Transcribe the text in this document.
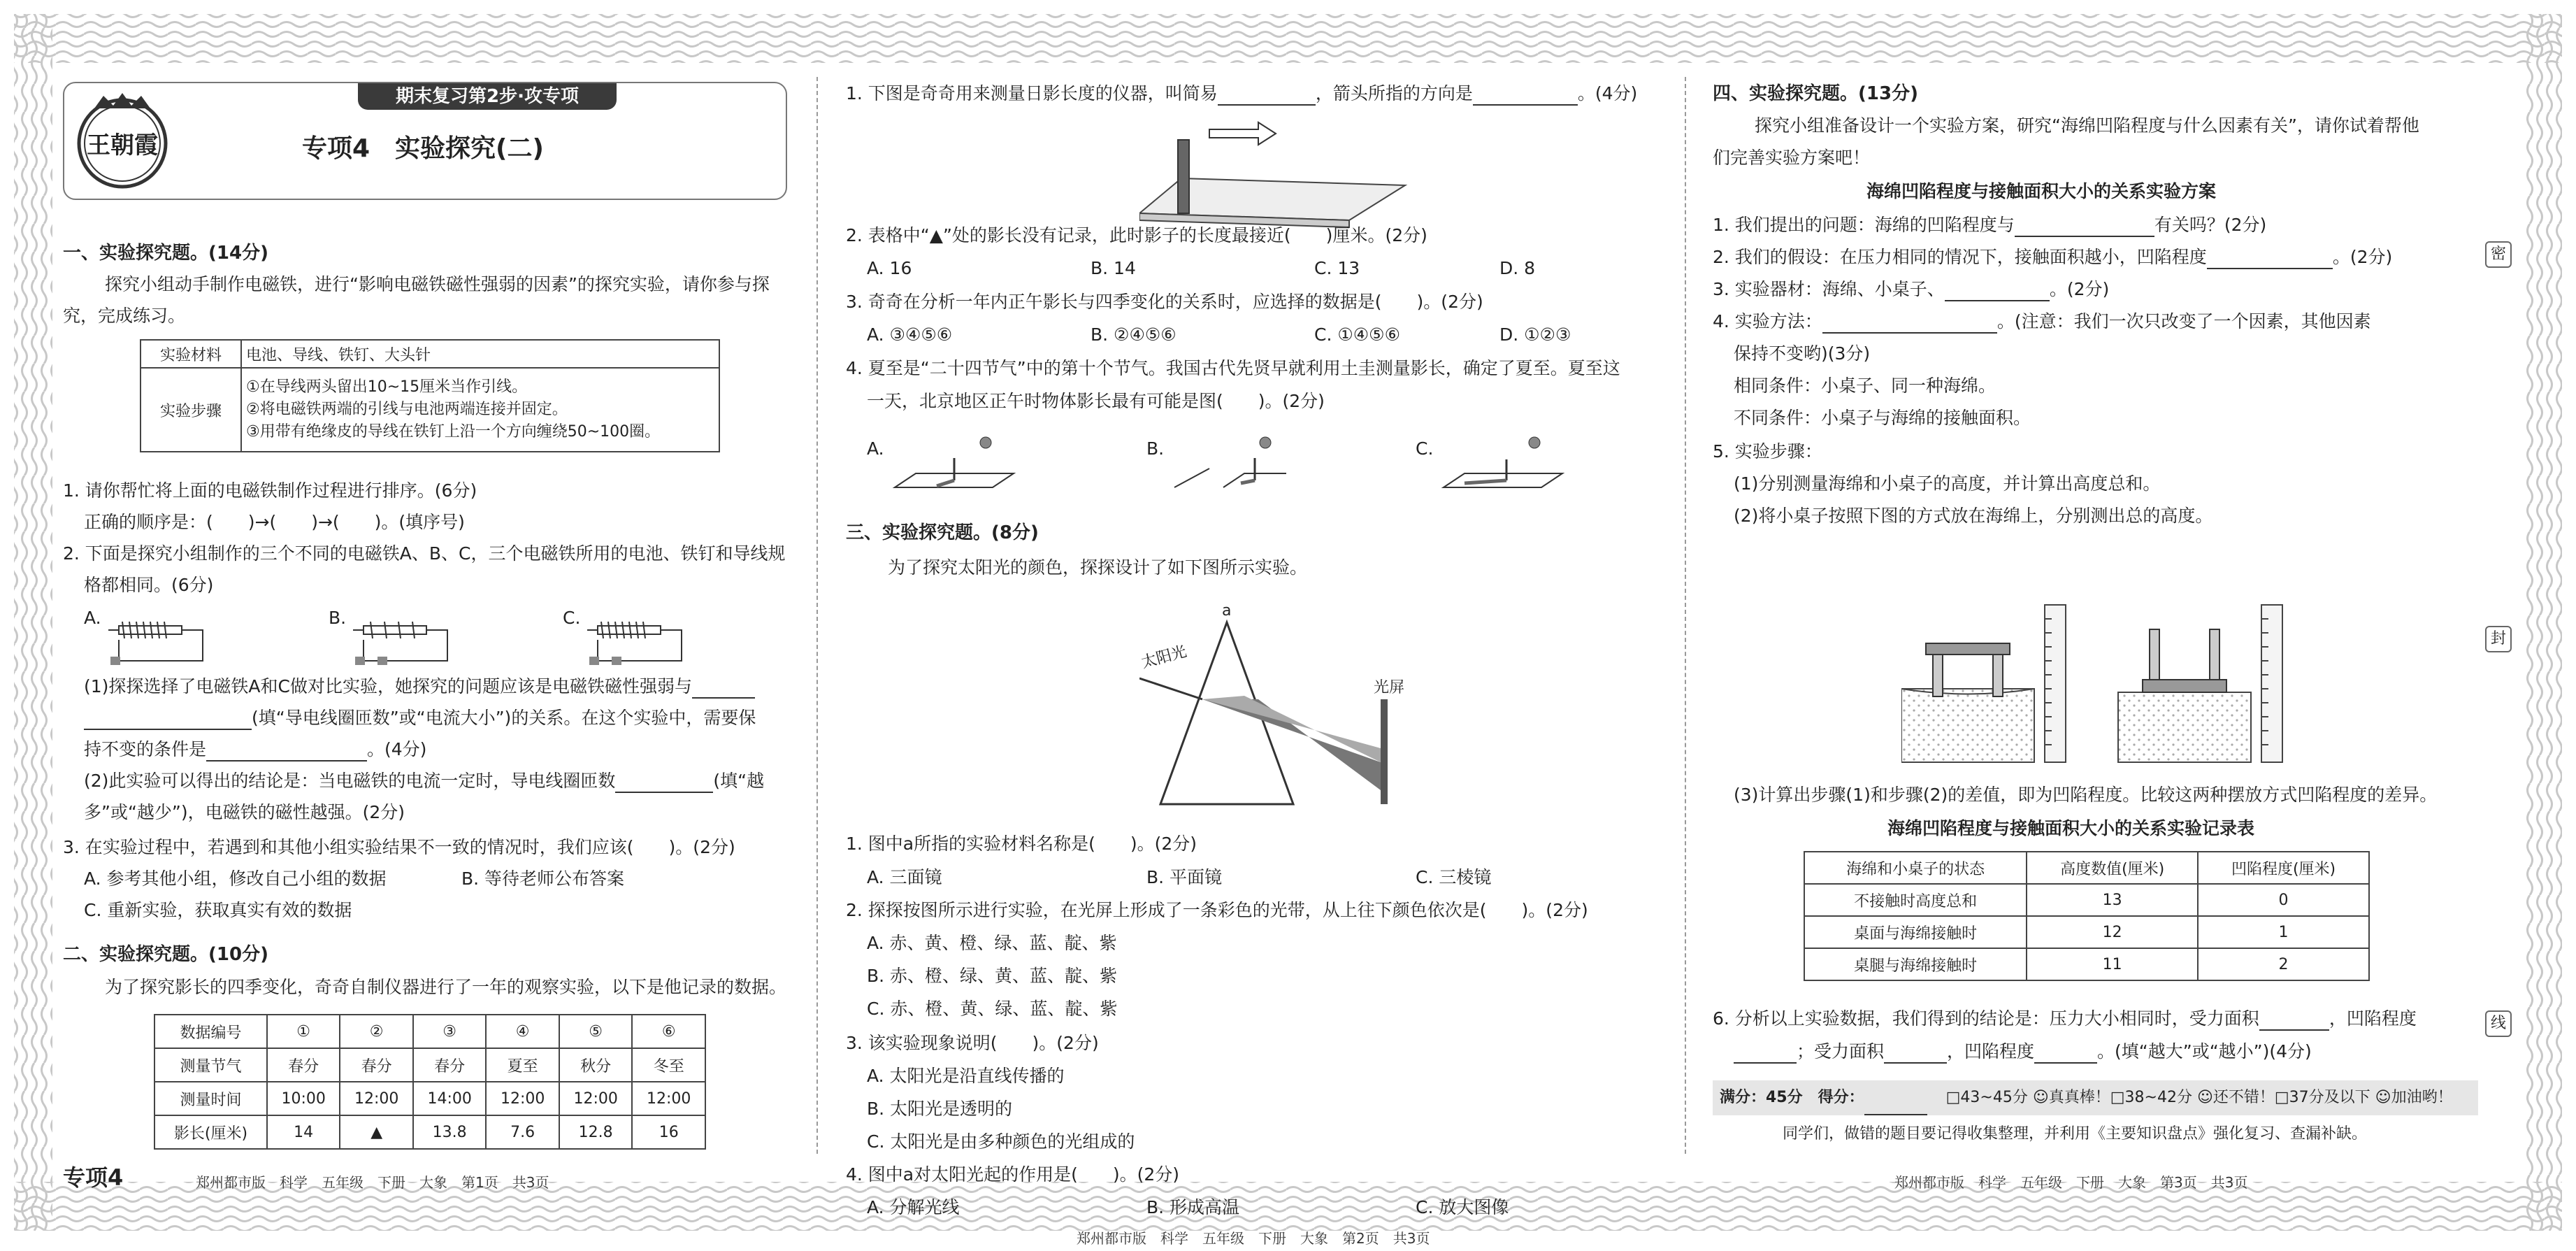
王朝霞
期末复习第2步·攻专项
专项4　实验探究(二)
一、实验探究题。(14分)
探究小组动手制作电磁铁，进行“影响电磁铁磁性强弱的因素”的探究实验，请你参与探
究，完成练习。
实验材料	电池、导线、铁钉、大头针
实验步骤	①在导线两头留出10~15厘米当作引线。
②将电磁铁两端的引线与电池两端连接并固定。
③用带有绝缘皮的导线在铁钉上沿一个方向缠绕50~100圈。
1. 请你帮忙将上面的电磁铁制作过程进行排序。(6分)
正确的顺序是：(　　)→(　　)→(　　)。(填序号)
2. 下面是探究小组制作的三个不同的电磁铁A、B、C，三个电磁铁所用的电池、铁钉和导线规
格都相同。(6分)
A.	B.	C.
(1)探探选择了电磁铁A和C做对比实验，她探究的问题应该是电磁铁磁性强弱与
(填“导电线圈匝数”或“电流大小”)的关系。在这个实验中，需要保
持不变的条件是	。(4分)
(2)此实验可以得出的结论是：当电磁铁的电流一定时，导电线圈匝数	(填“越
多”或“越少”)，电磁铁的磁性越强。(2分)
3. 在实验过程中，若遇到和其他小组实验结果不一致的情况时，我们应该(　　)。(2分)
A. 参考其他小组，修改自己小组的数据	B. 等待老师公布答案
C. 重新实验，获取真实有效的数据
二、实验探究题。(10分)
为了探究影长的四季变化，奇奇自制仪器进行了一年的观察实验，以下是他记录的数据。
数据编号	①	②	③	④	⑤	⑥
测量节气	春分	春分	春分	夏至	秋分	冬至
测量时间	10:00	12:00	14:00	12:00	12:00	12:00
影长(厘米)	14	▲	13.8	7.6	12.8	16
专项4	郑州都市版　科学　五年级　下册　大象　第1页　共3页
1. 下图是奇奇用来测量日影长度的仪器，叫简易	，箭头所指的方向是	。(4分)
2. 表格中“▲”处的影长没有记录，此时影子的长度最接近(　　)厘米。(2分)
A. 16	B. 14	C. 13	D. 8
3. 奇奇在分析一年内正午影长与四季变化的关系时，应选择的数据是(　　)。(2分)
A. ③④⑤⑥	B. ②④⑤⑥	C. ①④⑤⑥	D. ①②③
4. 夏至是“二十四节气”中的第十个节气。我国古代先贤早就利用土圭测量影长，确定了夏至。夏至这
一天，北京地区正午时物体影长最有可能是图(　　)。(2分)
A.	B.	C.
三、实验探究题。(8分)
为了探究太阳光的颜色，探探设计了如下图所示实验。
太阳光
a
光屏
1. 图中a所指的实验材料名称是(　　)。(2分)
A. 三面镜	B. 平面镜	C. 三棱镜
2. 探探按图所示进行实验，在光屏上形成了一条彩色的光带，从上往下颜色依次是(　　)。(2分)
A. 赤、黄、橙、绿、蓝、靛、紫
B. 赤、橙、绿、黄、蓝、靛、紫
C. 赤、橙、黄、绿、蓝、靛、紫
3. 该实验现象说明(　　)。(2分)
A. 太阳光是沿直线传播的
B. 太阳光是透明的
C. 太阳光是由多种颜色的光组成的
4. 图中a对太阳光起的作用是(　　)。(2分)
A. 分解光线	B. 形成高温	C. 放大图像
郑州都市版　科学　五年级　下册　大象　第2页　共3页
四、实验探究题。(13分)
探究小组准备设计一个实验方案，研究“海绵凹陷程度与什么因素有关”，请你试着帮他
们完善实验方案吧！
海绵凹陷程度与接触面积大小的关系实验方案
1. 我们提出的问题：海绵的凹陷程度与	有关吗？(2分)
2. 我们的假设：在压力相同的情况下，接触面积越小，凹陷程度	。(2分)
3. 实验器材：海绵、小桌子、	。(2分)
4. 实验方法：	。(注意：我们一次只改变了一个因素，其他因素
保持不变哟)(3分)
相同条件：小桌子、同一种海绵。
不同条件：小桌子与海绵的接触面积。
5. 实验步骤：
(1)分别测量海绵和小桌子的高度，并计算出高度总和。
(2)将小桌子按照下图的方式放在海绵上，分别测出总的高度。
(3)计算出步骤(1)和步骤(2)的差值，即为凹陷程度。比较这两种摆放方式凹陷程度的差异。
海绵凹陷程度与接触面积大小的关系实验记录表
海绵和小桌子的状态	高度数值(厘米)	凹陷程度(厘米)
不接触时高度总和	13	0
桌面与海绵接触时	12	1
桌腿与海绵接触时	11	2
6. 分析以上实验数据，我们得到的结论是：压力大小相同时，受力面积	，凹陷程度
；受力面积	，凹陷程度	。(填“越大”或“越小”)(4分)
满分：45分　得分：	□43~45分 ☺真真棒！□38~42分 ☺还不错！□37分及以下 ☺加油哟！
同学们，做错的题目要记得收集整理，并利用《主要知识盘点》强化复习、查漏补缺。
郑州都市版　科学　五年级　下册　大象　第3页　共3页
密
封
线
